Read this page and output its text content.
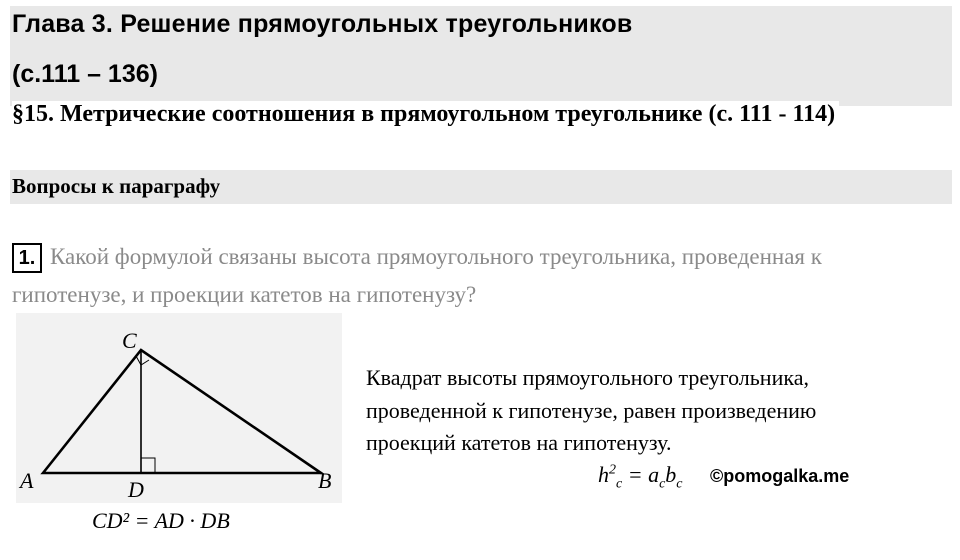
Глава 3. Решение прямоугольных треугольников
(с.111 – 136)
§15. Метрические соотношения в прямоугольном треугольнике (с. 111 - 114)
Вопросы к параграфу
1. Какой формулой связаны высота прямоугольного треугольника, проведенная к
гипотенузе, и проекции катетов на гипотенузу?
C
A	D	B
CD² = AD · DB
Квадрат высоты прямоугольного треугольника,
проведенной к гипотенузе, равен произведению
проекций катетов на гипотенузу.
$h^2_c = a_cb_c$ ©pomogalka.me
